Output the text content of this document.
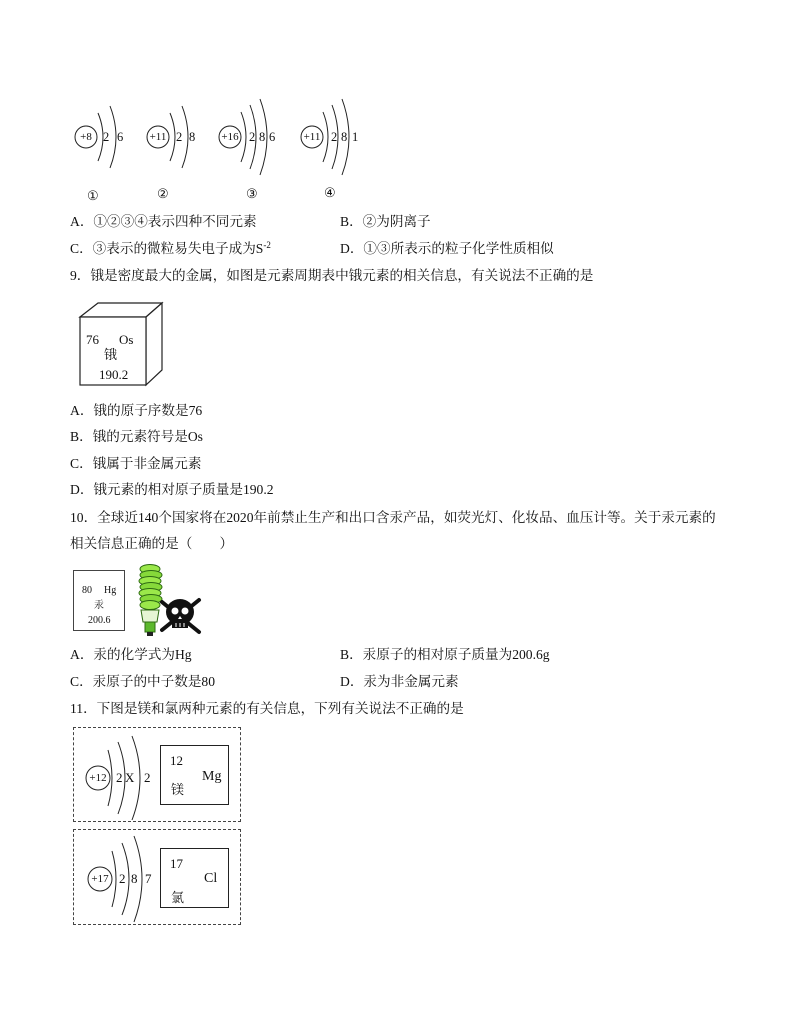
+8 2 6	+11 2 8	+16 2 8 6	+11 2 8 1
①	②	③	④
A．①②③④表示四种不同元素	B．②为阴离子
C．③表示的微粒易失电子成为$S^{-2}$	D．①③所表示的粒子化学性质相似
9．锇是密度最大的金属，如图是元素周期表中锇元素的相关信息，有关说法不正确的是
76 Os
锇
190.2
A．锇的原子序数是76
B．锇的元素符号是Os
C．锇属于非金属元素
D．锇元素的相对原子质量是190.2
10．全球近140个国家将在2020年前禁止生产和出口含汞产品，如荧光灯、化妆品、血压计等。关于汞元素的
相关信息正确的是（　　）
80 Hg
汞
200.6
A．汞的化学式为Hg	B．汞原子的相对原子质量为200.6g
C．汞原子的中子数是80	D．汞为非金属元素
11．下图是镁和氯两种元素的有关信息，下列有关说法不正确的是
+12 2 X 2
12
Mg
镁
+17 2 8 7
17
Cl
氯
